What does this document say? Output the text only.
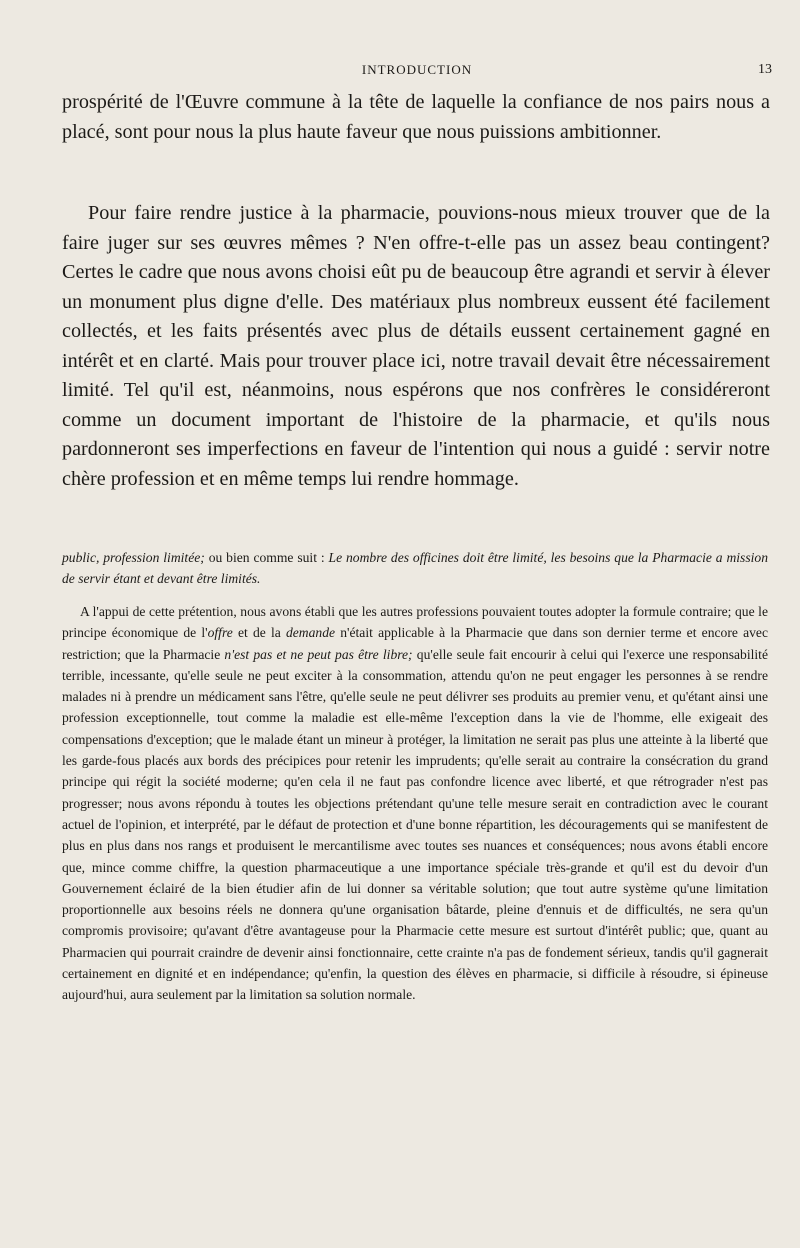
INTRODUCTION	13

prospérité de l'Œuvre commune à la tête de laquelle la confiance de nos pairs nous a placé, sont pour nous la plus haute faveur que nous puissions ambitionner.

Pour faire rendre justice à la pharmacie, pouvions-nous mieux trouver que de la faire juger sur ses œuvres mêmes ? N'en offre-t-elle pas un assez beau contingent? Certes le cadre que nous avons choisi eût pu de beaucoup être agrandi et servir à élever un monument plus digne d'elle. Des matériaux plus nombreux eussent été facilement collectés, et les faits présentés avec plus de détails eussent certainement gagné en intérêt et en clarté. Mais pour trouver place ici, notre travail devait être nécessairement limité. Tel qu'il est, néanmoins, nous espérons que nos confrères le considéreront comme un document important de l'histoire de la pharmacie, et qu'ils nous pardonneront ses imperfections en faveur de l'intention qui nous a guidé : servir notre chère profession et en même temps lui rendre hommage.

public, profession limitée; ou bien comme suit : Le nombre des officines doit être limité, les besoins que la Pharmacie a mission de servir étant et devant être limités.

A l'appui de cette prétention, nous avons établi que les autres professions pouvaient toutes adopter la formule contraire; que le principe économique de l'offre et de la demande n'était applicable à la Pharmacie que dans son dernier terme et encore avec restriction; que la Pharmacie n'est pas et ne peut pas être libre; qu'elle seule fait encourir à celui qui l'exerce une responsabilité terrible, incessante, qu'elle seule ne peut exciter à la consommation, attendu qu'on ne peut engager les personnes à se rendre malades ni à prendre un médicament sans l'être, qu'elle seule ne peut délivrer ses produits au premier venu, et qu'étant ainsi une profession exceptionnelle, tout comme la maladie est elle-même l'exception dans la vie de l'homme, elle exigeait des compensations d'exception; que le malade étant un mineur à protéger, la limitation ne serait pas plus une atteinte à la liberté que les garde-fous placés aux bords des précipices pour retenir les imprudents; qu'elle serait au contraire la consécration du grand principe qui régit la société moderne; qu'en cela il ne faut pas confondre licence avec liberté, et que rétrograder n'est pas progresser; nous avons répondu à toutes les objections prétendant qu'une telle mesure serait en contradiction avec le courant actuel de l'opinion, et interprété, par le défaut de protection et d'une bonne répartition, les découragements qui se manifestent de plus en plus dans nos rangs et produisent le mercantilisme avec toutes ses nuances et conséquences; nous avons établi encore que, mince comme chiffre, la question pharmaceutique a une importance spéciale très-grande et qu'il est du devoir d'un Gouvernement éclairé de la bien étudier afin de lui donner sa véritable solution; que tout autre système qu'une limitation proportionnelle aux besoins réels ne donnera qu'une organisation bâtarde, pleine d'ennuis et de difficultés, ne sera qu'un compromis provisoire; qu'avant d'être avantageuse pour la Pharmacie cette mesure est surtout d'intérêt public; que, quant au Pharmacien qui pourrait craindre de devenir ainsi fonctionnaire, cette crainte n'a pas de fondement sérieux, tandis qu'il gagnerait certainement en dignité et en indépendance; qu'enfin, la question des élèves en pharmacie, si difficile à résoudre, si épineuse aujourd'hui, aura seulement par la limitation sa solution normale.
